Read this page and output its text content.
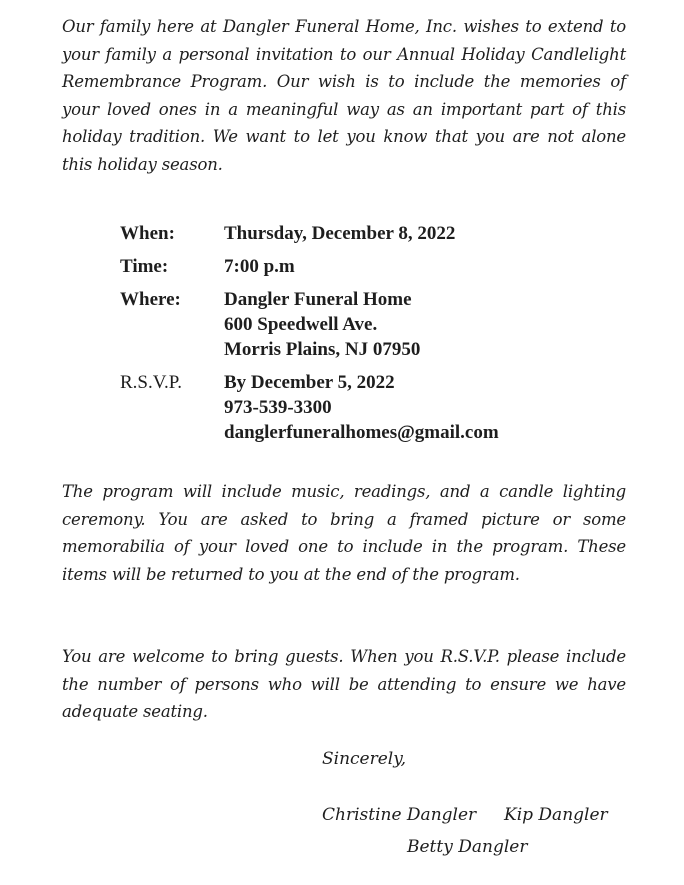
Our family here at Dangler Funeral Home, Inc. wishes to extend to your family a personal invitation to our Annual Holiday Candlelight Remembrance Program. Our wish is to include the memories of your loved ones in a meaningful way as an important part of this holiday tradition. We want to let you know that you are not alone this holiday season.

When:	Thursday, December 8, 2022
Time:	7:00 p.m
Where:	Dangler Funeral Home
600 Speedwell Ave.
Morris Plains, NJ 07950
R.S.V.P.	By December 5, 2022
973-539-3300
danglerfuneralhomes@gmail.com

The program will include music, readings, and a candle lighting ceremony. You are asked to bring a framed picture or some memorabilia of your loved one to include in the program. These items will be returned to you at the end of the program.

You are welcome to bring guests. When you R.S.V.P. please include the number of persons who will be attending to ensure we have adequate seating.

Sincerely,
Christine Dangler Kip Dangler
Betty Dangler
